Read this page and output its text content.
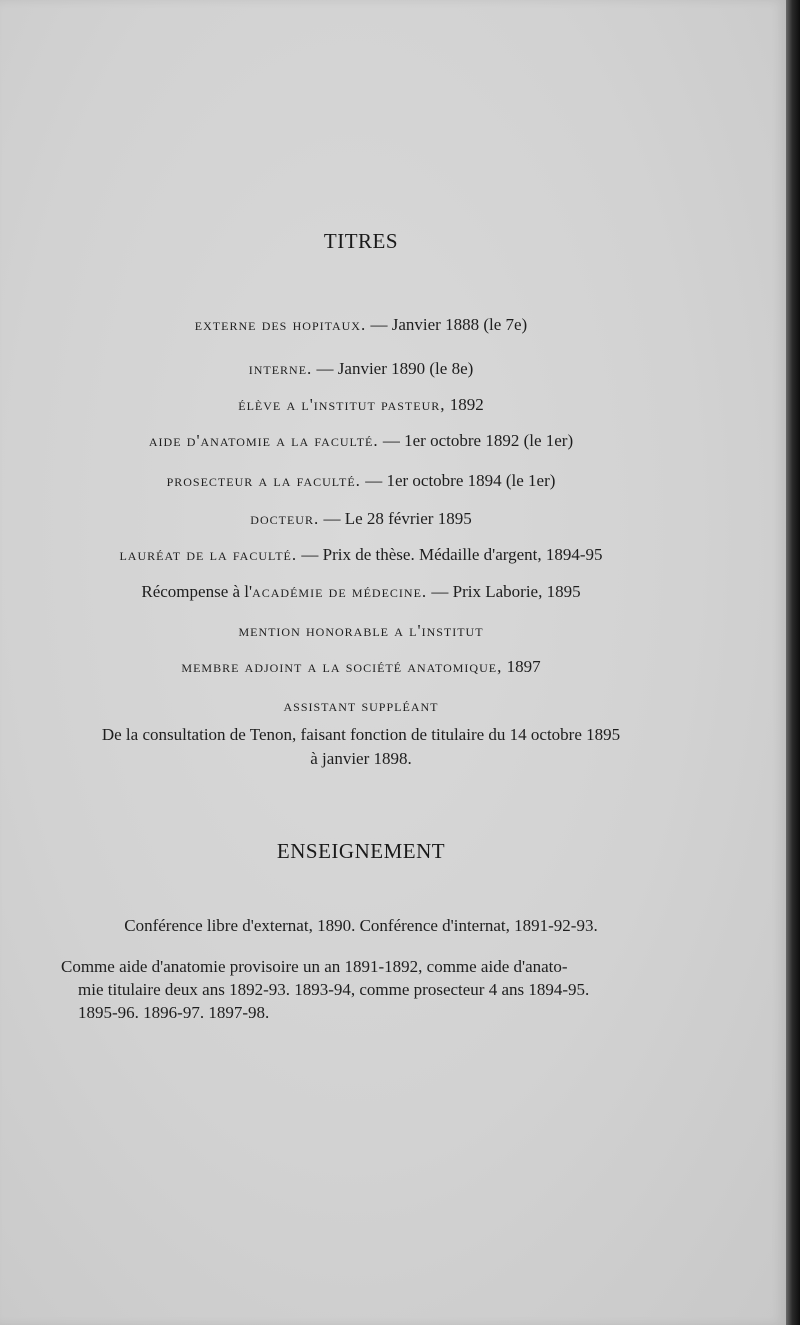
TITRES
externe des hopitaux. — Janvier 1888 (le 7e)
interne. — Janvier 1890 (le 8e)
élève a l'institut pasteur, 1892
aide d'anatomie a la faculté. — 1er octobre 1892 (le 1er)
prosecteur a la faculté. — 1er octobre 1894 (le 1er)
docteur. — Le 28 février 1895
lauréat de la faculté. — Prix de thèse. Médaille d'argent, 1894-95
Récompense à l'académie de médecine. — Prix Laborie, 1895
mention honorable a l'institut
membre adjoint a la société anatomique, 1897
assistant suppléant
De la consultation de Tenon, faisant fonction de titulaire du 14 octobre 1895
à janvier 1898.
ENSEIGNEMENT
Conférence libre d'externat, 1890. Conférence d'internat, 1891-92-93.
Comme aide d'anatomie provisoire un an 1891-1892, comme aide d'anato-
mie titulaire deux ans 1892-93. 1893-94, comme prosecteur 4 ans 1894-95.
1895-96. 1896-97. 1897-98.
